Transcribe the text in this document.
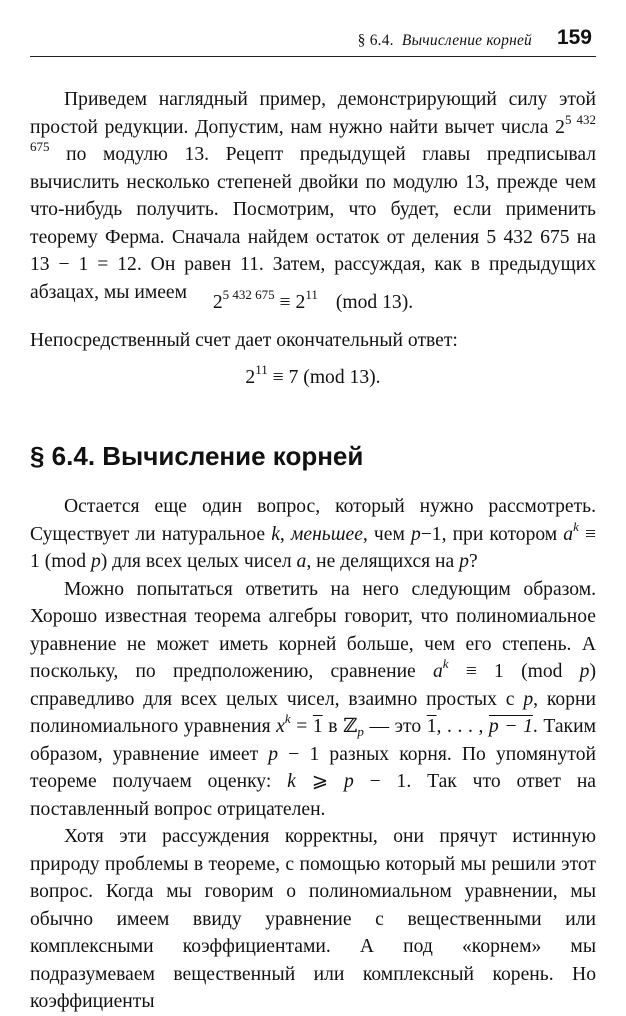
§ 6.4. Вычисление корней 159

Приведем наглядный пример, демонстрирующий силу этой простой редукции. Допустим, нам нужно найти вычет числа $2^{5 432 675}$ по модулю 13. Рецепт предыдущей главы предписывал вычислить несколько степеней двойки по модулю 13, прежде чем что-нибудь получить. Посмотрим, что будет, если применить теорему Ферма. Сначала найдем остаток от деления 5 432 675 на 13 − 1 = 12. Он равен 11. Затем, рассуждая, как в предыдущих абзацах, мы имеем	$2^{5 432 675} \equiv 2^{11}$ (mod 13).

Непосредственный счет дает окончательный ответ:

$2^{11} \equiv 7$ (mod 13).
§ 6.4. Вычисление корней

Остается еще один вопрос, который нужно рассмотреть. Существует ли натуральное k, меньшее, чем p−1, при котором $a^k \equiv 1$ (mod p) для всех целых чисел a, не делящихся на p?

Можно попытаться ответить на него следующим образом. Хорошо известная теорема алгебры говорит, что полиномиальное уравнение не может иметь корней больше, чем его степень. А поскольку, по предположению, сравнение $a^k \equiv 1$ (mod p) справедливо для всех целых чисел, взаимно простых с p, корни полиномиального уравнения $x^k = 1$ в ℤ$_p$ — это 1, . . . , p − 1. Таким образом, уравнение имеет p − 1 разных корня. По упомянутой теореме получаем оценку: k ⩾ p − 1. Так что ответ на поставленный вопрос отрицателен.

Хотя эти рассуждения корректны, они прячут истинную природу проблемы в теореме, с помощью который мы решили этот вопрос. Когда мы говорим о полиномиальном уравнении, мы обычно имеем ввиду уравнение с вещественными или комплексными коэффициентами. А под «корнем» мы подразумеваем вещественный или комплексный корень. Но коэффициенты
